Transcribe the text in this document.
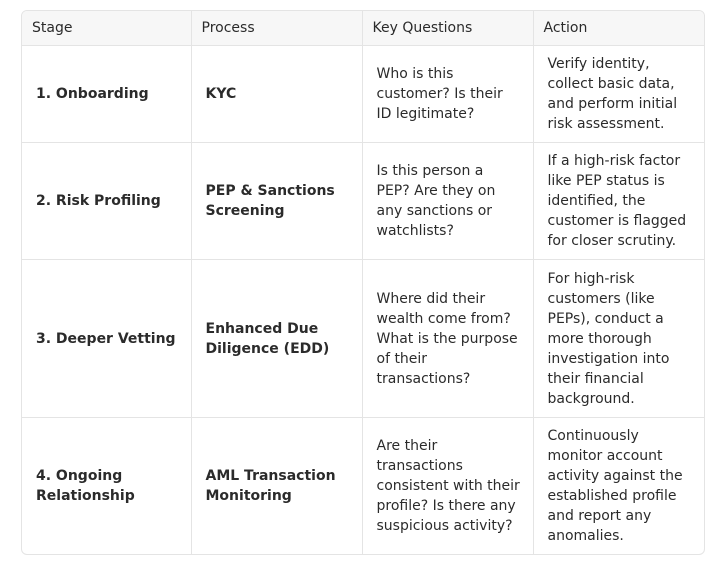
Stage	Process	Key Questions	Action
1. Onboarding	KYC	Who is this customer? Is their ID legitimate?	Verify identity, collect basic data, and perform initial risk assessment.
2. Risk Profiling	PEP & Sanctions Screening	Is this person a PEP? Are they on any sanctions or watchlists?	If a high-risk factor like PEP status is identified, the customer is flagged for closer scrutiny.
3. Deeper Vetting	Enhanced Due Diligence (EDD)	Where did their wealth come from? What is the purpose of their transactions?	For high-risk customers (like PEPs), conduct a more thorough investigation into their financial background.
4. Ongoing Relationship	AML Transaction Monitoring	Are their transactions consistent with their profile? Is there any suspicious activity?	Continuously monitor account activity against the established profile and report any anomalies.
